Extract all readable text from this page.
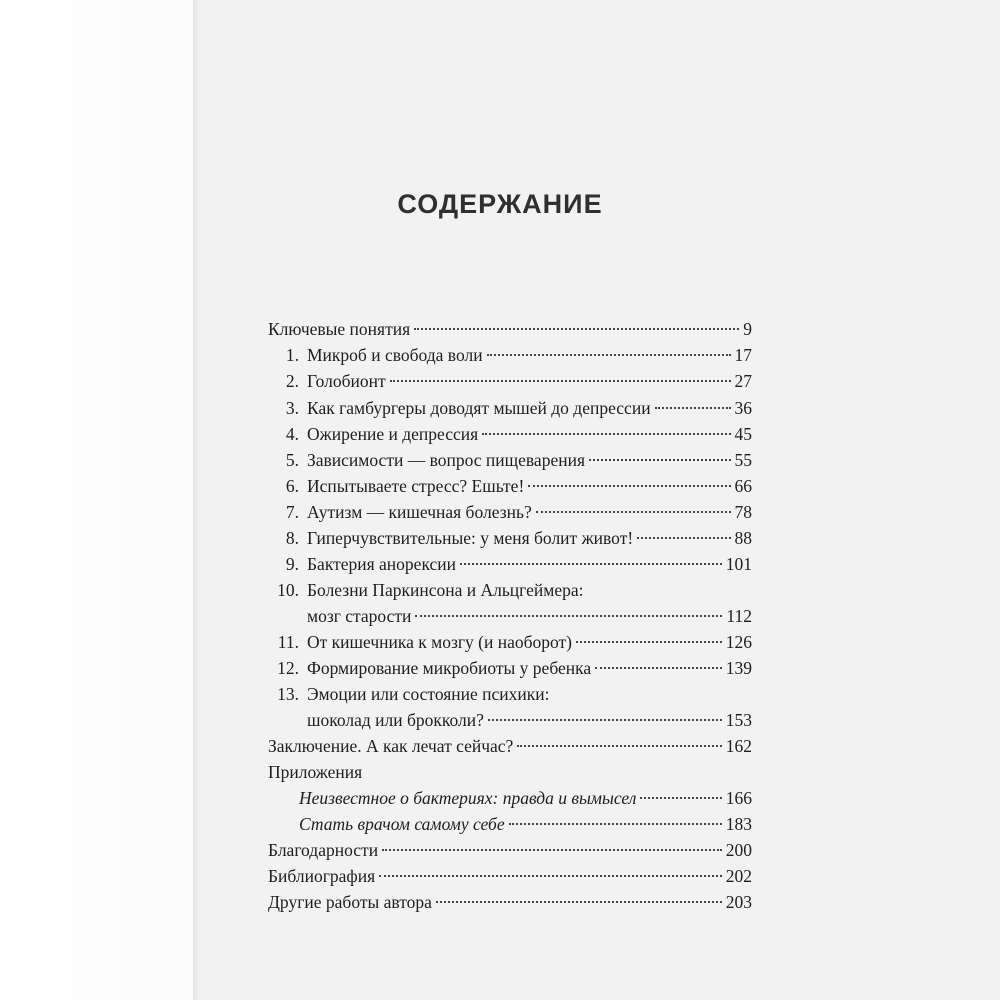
СОДЕРЖАНИЕ
Ключевые понятия	9
1. Микроб и свобода воли	17
2. Голобионт	27
3. Как гамбургеры доводят мышей до депрессии	36
4. Ожирение и депрессия	45
5. Зависимости — вопрос пищеварения	55
6. Испытываете стресс? Ешьте!	66
7. Аутизм — кишечная болезнь?	78
8. Гиперчувствительные: у меня болит живот!	88
9. Бактерия анорексии	101
10. Болезни Паркинсона и Альцгеймера:
мозг старости	112
11. От кишечника к мозгу (и наоборот)	126
12. Формирование микробиоты у ребенка	139
13. Эмоции или состояние психики:
шоколад или брокколи?	153
Заключение. А как лечат сейчас?	162
Приложения
Неизвестное о бактериях: правда и вымысел	166
Стать врачом самому себе	183
Благодарности	200
Библиография	202
Другие работы автора	203
